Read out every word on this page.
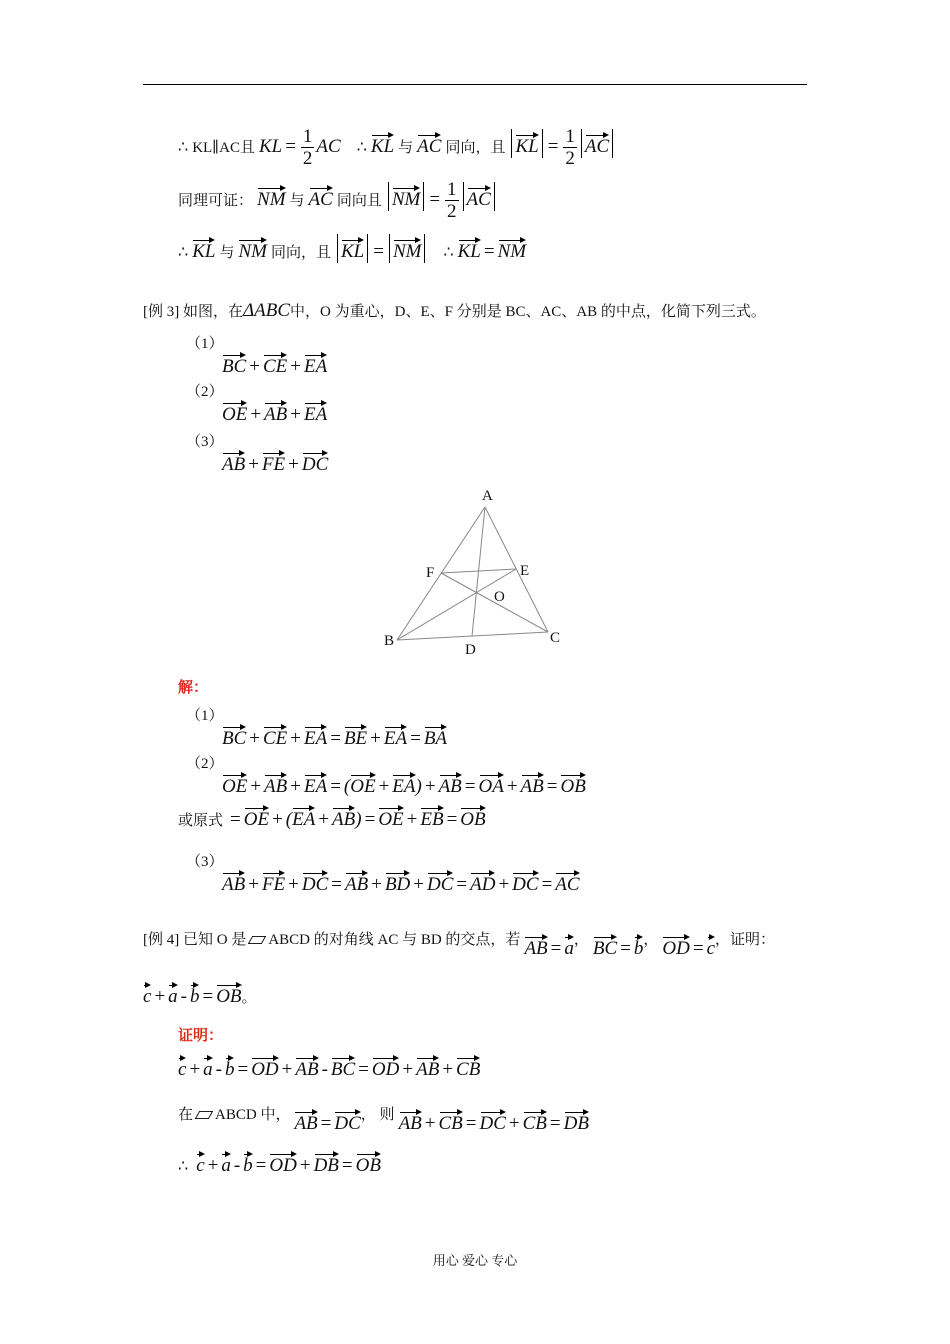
∴ KL∥AC且 KL = $\frac{1}{2}$ AC ∴ KL 与 AC 同向，且 KL = $\frac{1}{2}$ AC
同理可证： NM 与 AC 同向且 NM = $\frac{1}{2}$ AC
∴ KL 与 NM 同向，且 KL = NM ∴ KL = NM
[例 3] 如图，在ΔABC中，O 为重心，D、E、F 分别是 BC、AC、AB 的中点，化简下列三式。
（1）
BC + CE + EA
（2）
OE + AB + EA
（3）
AB + FE + DC
A
B	C
D
E
F
O
解：
（1）
BC + CE + EA = BE + EA = BA
（2）
OE + AB + EA = (OE + EA) + AB = OA + AB = OB
或原式 = OE + (EA + AB) = OE + EB = OB
（3）
AB + FE + DC = AB + BD + DC = AD + DC = AC
[例 4] 已知 O 是 ABCD 的对角线 AC 与 BD 的交点，若 AB = a， BC = b， OD = c，证明：
c + a - b = OB。
证明：
c + a - b = OD + AB - BC = OD + AB + CB
在 ABCD 中， AB = DC， 则 AB + CB = DC + CB = DB
∴ c + a - b = OD + DB = OB
用心 爱心 专心
